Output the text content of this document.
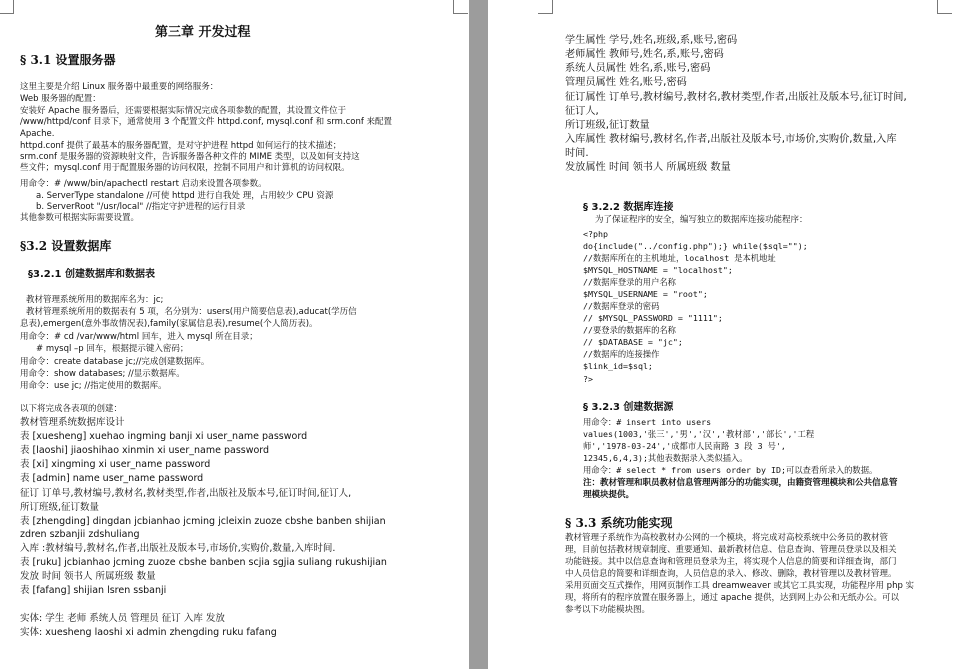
第三章 开发过程
§ 3.1 设置服务器
这里主要是介绍 Linux 服务器中最重要的网络服务：
Web 服务器的配置：
安装好 Apache 服务器后，还需要根据实际情况完成各项参数的配置，其设置文件位于
/www/httpd/conf 目录下，通常使用 3 个配置文件 httpd.conf, mysql.conf 和 srm.conf 来配置
Apache.
httpd.conf 提供了最基本的服务器配置，是对守护进程 httpd 如何运行的技术描述；
srm.conf 是服务器的资源映射文件，告诉服务器各种文件的 MIME 类型，以及如何支持这
些文件；mysql.conf 用于配置服务器的访问权限，控制不同用户和计算机的访问权限。
用命令：# /www/bin/apachectl restart 启动来设置各项参数。
a. ServerType standalone //可使 httpd 进行自我处 理，占用较少 CPU 资源
b. ServerRoot "/usr/local" //指定守护进程的运行目录
其他参数可根据实际需要设置。
§3.2 设置数据库
§3.2.1 创建数据库和数据表
教材管理系统所用的数据库名为：jc;
教材管理系统所用的数据表有 5 项，名分别为：users(用户简要信息表),aducat(学历信
息表),emergen(意外事故情况表),family(家属信息表),resume(个人简历表)。
用命令：# cd /var/www/html 回车，进入 mysql 所在目录；
# mysql –p 回车，根据提示键入密码；
用命令：create database jc;//完成创建数据库。
用命令：show databases; //显示数据库。
用命令：use jc; //指定使用的数据库。
以下将完成各表项的创建：
教材管理系统数据库设计
表 [xuesheng] xuehao ingming banji xi user_name password
表 [laoshi] jiaoshihao xinmin xi user_name password
表 [xi] xingming xi user_name password
表 [admin] name user_name password
征订 订单号,教材编号,教材名,教材类型,作者,出版社及版本号,征订时间,征订人,
所订班级,征订数量
表 [zhengding] dingdan jcbianhao jcming jcleixin zuoze cbshe banben shijian
zdren szbanjii zdshuliang
入库 :教材编号,教材名,作者,出版社及版本号,市场价,实购价,数量,入库时间.
表 [ruku] jcbianhao jcming zuoze cbshe banben scjia sgjia suliang rukushijian
发放 时间 领书人 所属班级 数量
表 [fafang] shijian lsren ssbanji
实体: 学生 老师 系统人员 管理员 征订 入库 发放
实体: xuesheng laoshi xi admin zhengding ruku fafang
学生属性 学号,姓名,班级,系,账号,密码
老师属性 教师号,姓名,系,账号,密码
系统人员属性 姓名,系,账号,密码
管理员属性 姓名,账号,密码
征订属性 订单号,教材编号,教材名,教材类型,作者,出版社及版本号,征订时间,
征订人,
所订班级,征订数量
入库属性 教材编号,教材名,作者,出版社及版本号,市场价,实购价,数量,入库
时间.
发放属性 时间 领书人 所属班级 数量
§ 3.2.2 数据库连接
为了保证程序的安全，编写独立的数据库连接功能程序：
<?php
do{include("../config.php");} while($sql="");
//数据库所在的主机地址，localhost 是本机地址
$MYSQL_HOSTNAME = "localhost";
//数据库登录的用户名称
$MYSQL_USERNAME = "root";
//数据库登录的密码
// $MYSQL_PASSWORD = "1111";
//要登录的数据库的名称
// $DATABASE = "jc";
//数据库的连接操作
$link_id=$sql;
?>
§ 3.2.3 创建数据源
用命令：# insert into users
values(1003,'张三','男','汉','教材部','部长','工程
师','1978-03-24','成都市人民南路 3 段 3 号',
12345,6,4,3);其他表数据录入类似插入。
用命令：# select * from users order by ID;可以查看所录入的数据。
注：教材管理和职员教材信息管理两部分的功能实现，由籍资管理模块和公共信息管
理模块提供。
§ 3.3 系统功能实现
教材管理子系统作为高校教材办公网的一个模块，将完成对高校系统中公务员的教材管
理，目前包括教材规章制度、重要通知、最新教材信息、信息查询、管理员登录以及相关
功能链接。其中以信息查询和管理员登录为主，将实现个人信息的简要和详细查询，部门
中人员信息的简要和详细查询，人员信息的录入、修改、删除，教材管理以及教材管理。
采用页面交互式操作，用网页制作工具 dreamweaver 或其它工具实现，功能程序用 php 实
现，将所有的程序放置在服务器上，通过 apache 提供，达到网上办公和无纸办公。可以
参考以下功能模块图。
